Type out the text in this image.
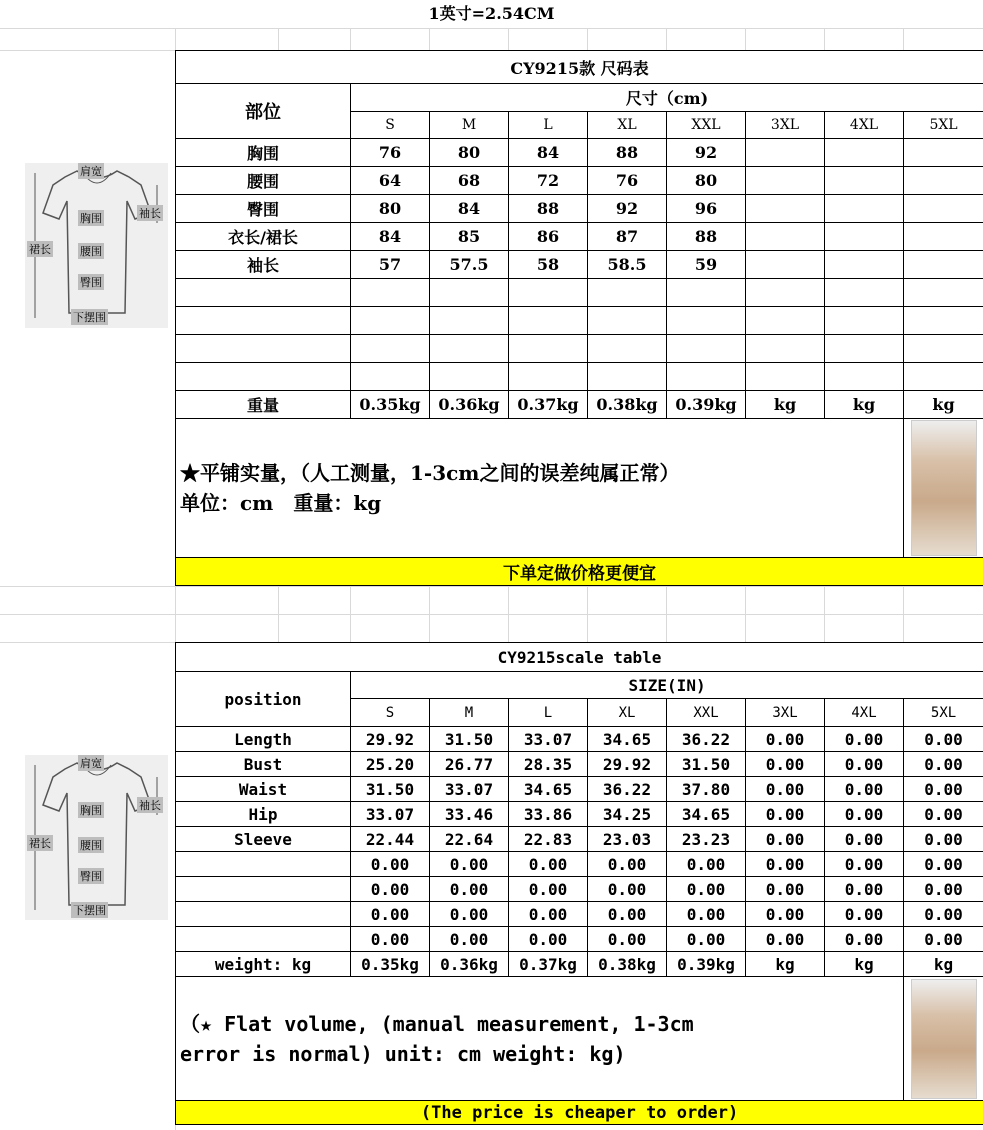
1英寸=2.54CM
肩宽
胸围	袖长
裙长	腰围
臀围
下摆围
CY9215款 尺码表								
部位	尺寸（cm)							
	S	M	L	XL	XXL	3XL	4XL	5XL
胸围	76	80	84	88	92			
腰围	64	68	72	76	80			
臀围	80	84	88	92	96			
衣长/裙长	84	85	86	87	88			
袖长	57	57.5	58	58.5	59			

重量	0.35kg	0.36kg	0.37kg	0.38kg	0.39kg	kg	kg	kg

★平铺实量，（人工测量，1-3cm之间的误差纯属正常）
单位：cm　重量：kg								

下单定做价格更便宜								
肩宽
胸围	袖长
裙长	腰围
臀围
下摆围
CY9215scale table								
position	SIZE(IN)							
	S	M	L	XL	XXL	3XL	4XL	5XL
Length	29.92	31.50	33.07	34.65	36.22	0.00	0.00	0.00
Bust	25.20	26.77	28.35	29.92	31.50	0.00	0.00	0.00
Waist	31.50	33.07	34.65	36.22	37.80	0.00	0.00	0.00
Hip	33.07	33.46	33.86	34.25	34.65	0.00	0.00	0.00
Sleeve	22.44	22.64	22.83	23.03	23.23	0.00	0.00	0.00
	0.00	0.00	0.00	0.00	0.00	0.00	0.00	0.00
	0.00	0.00	0.00	0.00	0.00	0.00	0.00	0.00
	0.00	0.00	0.00	0.00	0.00	0.00	0.00	0.00
	0.00	0.00	0.00	0.00	0.00	0.00	0.00	0.00
weight: kg	0.35kg	0.36kg	0.37kg	0.38kg	0.39kg	kg	kg	kg

（★ Flat volume, (manual measurement, 1-3cm
error is normal) unit: cm weight: kg)								

(The price is cheaper to order)								
